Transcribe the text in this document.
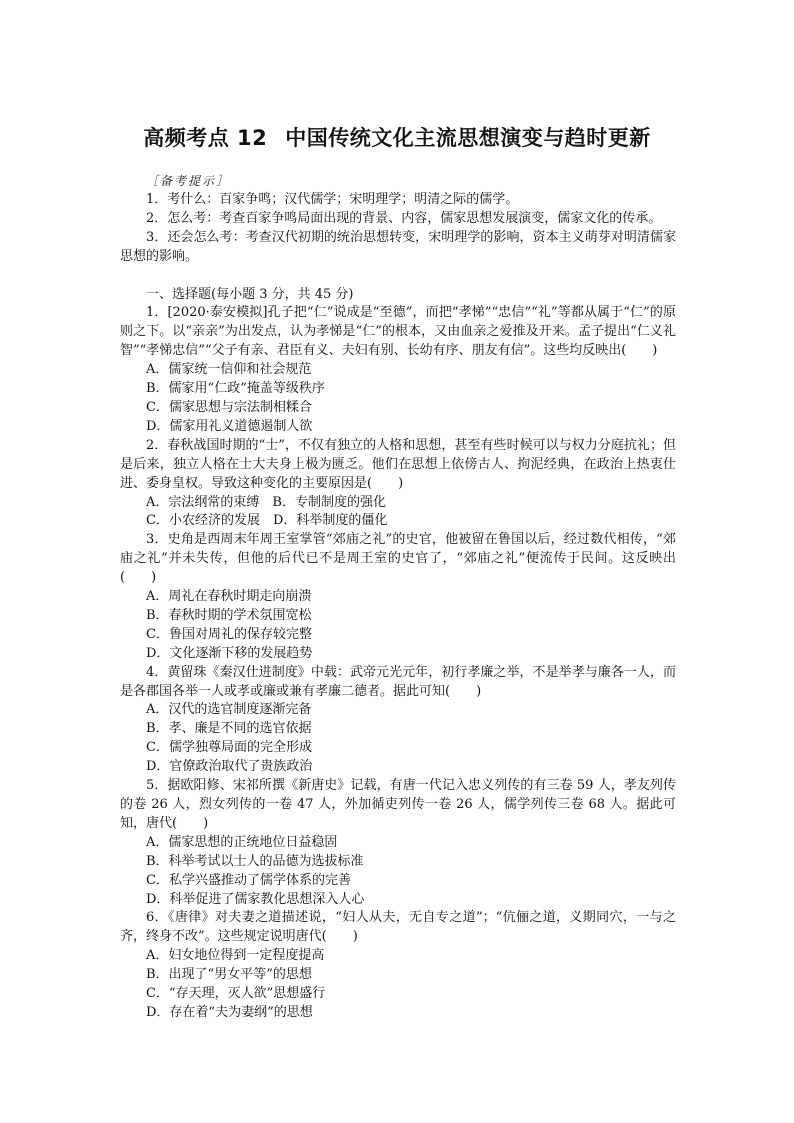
高频考点 12 中国传统文化主流思想演变与趋时更新

［备考提示］

1．考什么：百家争鸣；汉代儒学；宋明理学；明清之际的儒学。

2．怎么考：考查百家争鸣局面出现的背景、内容，儒家思想发展演变，儒家文化的传承。

3．还会怎么考：考查汉代初期的统治思想转变，宋明理学的影响，资本主义萌芽对明清儒家思想的影响。

一、选择题(每小题 3 分，共 45 分)

1．[2020·泰安模拟]孔子把“仁”说成是“至德”，而把“孝悌”“忠信”“礼”等都从属于“仁”的原则之下。以“亲亲”为出发点，认为孝悌是“仁”的根本，又由血亲之爱推及开来。孟子提出“仁义礼智”“孝悌忠信”“父子有亲、君臣有义、夫妇有别、长幼有序、朋友有信”。这些均反映出(　　)

A．儒家统一信仰和社会规范

B．儒家用“仁政”掩盖等级秩序

C．儒家思想与宗法制相糅合

D．儒家用礼义道德遏制人欲

2．春秋战国时期的“士”，不仅有独立的人格和思想，甚至有些时候可以与权力分庭抗礼；但是后来，独立人格在士大夫身上极为匮乏。他们在思想上依傍古人、拘泥经典，在政治上热衷仕进、委身皇权。导致这种变化的主要原因是(　　)

A．宗法纲常的束缚　B．专制制度的强化

C．小农经济的发展　D．科举制度的僵化

3．史角是西周末年周王室掌管“郊庙之礼”的史官，他被留在鲁国以后，经过数代相传，“郊庙之礼”并未失传，但他的后代已不是周王室的史官了，“郊庙之礼”便流传于民间。这反映出(　　)

A．周礼在春秋时期走向崩溃

B．春秋时期的学术氛围宽松

C．鲁国对周礼的保存较完整

D．文化逐渐下移的发展趋势

4．黄留珠《秦汉仕进制度》中载：武帝元光元年，初行孝廉之举，不是举孝与廉各一人，而是各郡国各举一人或孝或廉或兼有孝廉二德者。据此可知(　　)

A．汉代的选官制度逐渐完备

B．孝、廉是不同的选官依据

C．儒学独尊局面的完全形成

D．官僚政治取代了贵族政治

5．据欧阳修、宋祁所撰《新唐史》记载，有唐一代记入忠义列传的有三卷 59 人，孝友列传的卷 26 人，烈女列传的一卷 47 人，外加循吏列传一卷 26 人，儒学列传三卷 68 人。据此可知，唐代(　　)

A．儒家思想的正统地位日益稳固

B．科举考试以士人的品德为选拔标准

C．私学兴盛推动了儒学体系的完善

D．科举促进了儒家教化思想深入人心

6．《唐律》对夫妻之道描述说，“妇人从夫，无自专之道”；“伉俪之道，义期同穴，一与之齐，终身不改”。这些规定说明唐代(　　)

A．妇女地位得到一定程度提高

B．出现了“男女平等”的思想

C．“存天理，灭人欲”思想盛行

D．存在着“夫为妻纲”的思想
